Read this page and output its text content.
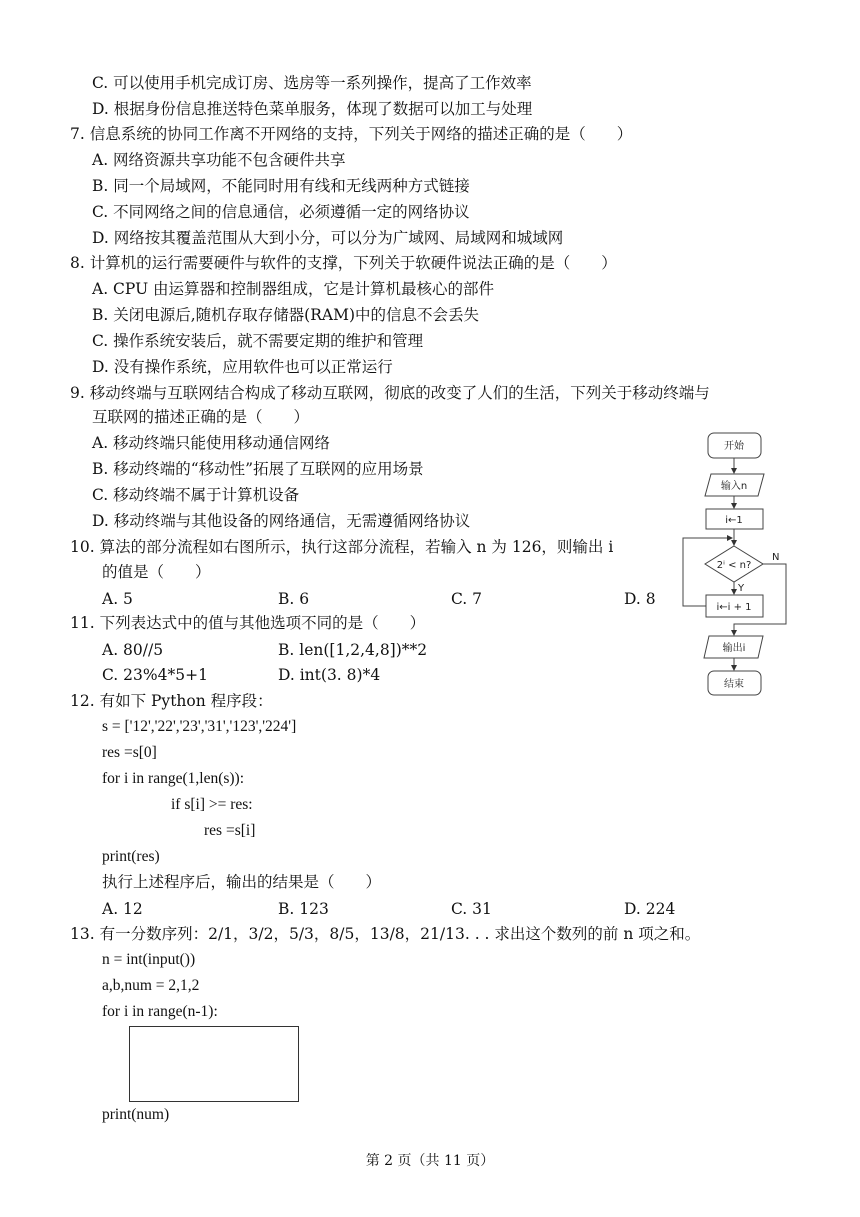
C. 可以使用手机完成订房、选房等一系列操作，提高了工作效率
D. 根据身份信息推送特色菜单服务，体现了数据可以加工与处理
7. 信息系统的协同工作离不开网络的支持，下列关于网络的描述正确的是（　　）
A. 网络资源共享功能不包含硬件共享
B. 同一个局域网，不能同时用有线和无线两种方式链接
C. 不同网络之间的信息通信，必须遵循一定的网络协议
D. 网络按其覆盖范围从大到小分，可以分为广域网、局域网和城域网
8. 计算机的运行需要硬件与软件的支撑，下列关于软硬件说法正确的是（　　）
A. CPU 由运算器和控制器组成，它是计算机最核心的部件
B. 关闭电源后,随机存取存储器(RAM)中的信息不会丢失
C. 操作系统安装后，就不需要定期的维护和管理
D. 没有操作系统，应用软件也可以正常运行
9. 移动终端与互联网结合构成了移动互联网，彻底的改变了人们的生活，下列关于移动终端与
互联网的描述正确的是（　　）
A. 移动终端只能使用移动通信网络
B. 移动终端的“移动性”拓展了互联网的应用场景
C. 移动终端不属于计算机设备
D. 移动终端与其他设备的网络通信，无需遵循网络协议
10. 算法的部分流程如右图所示，执行这部分流程，若输入 n 为 126，则输出 i
的值是（　　）
A. 5	B. 6	C. 7	D. 8
开始
输入n
i←1
2ⁱ < n?
N
Y
i←i + 1
输出i
结束
11. 下列表达式中的值与其他选项不同的是（　　）
A. 80//5	B. len([1,2,4,8])**2
C. 23%4*5+1	D. int(3. 8)*4
12. 有如下 Python 程序段：
s = ['12','22','23','31','123','224']
res =s[0]
for i in range(1,len(s)):
if s[i] >= res:
res =s[i]
print(res)
执行上述程序后，输出的结果是（　　）
A. 12	B. 123	C. 31	D. 224
13. 有一分数序列：2/1，3/2，5/3，8/5，13/8，21/13. . . 求出这个数列的前 n 项之和。
n = int(input())
a,b,num = 2,1,2
for i in range(n-1):
print(num)
第 2 页（共 11 页）
